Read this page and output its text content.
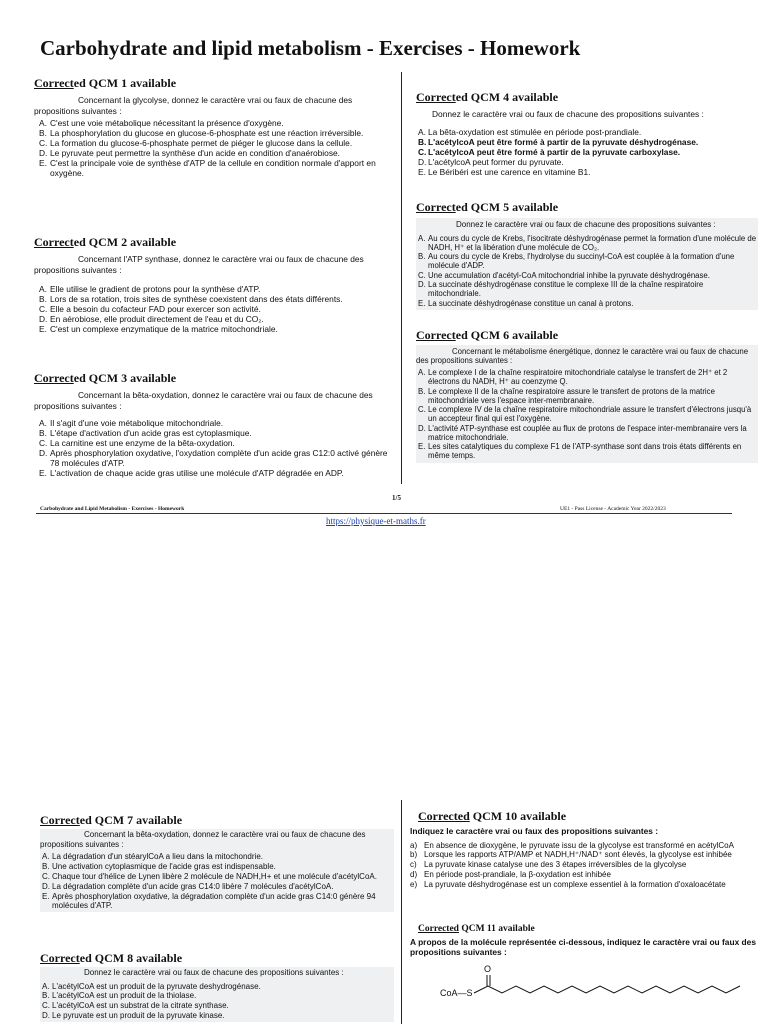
Carbohydrate and lipid metabolism - Exercises - Homework
Corrected QCM 1 available
Concernant la glycolyse, donnez le caractère vrai ou faux de chacune des propositions suivantes :
A. C'est une voie métabolique nécessitant la présence d'oxygène.
B. La phosphorylation du glucose en glucose-6-phosphate est une réaction irréversible.
C. La formation du glucose-6-phosphate permet de piéger le glucose dans la cellule.
D. Le pyruvate peut permettre la synthèse d'un acide en condition d'anaérobiose.
E. C'est la principale voie de synthèse d'ATP de la cellule en condition normale d'apport en oxygène.
Corrected QCM 2 available
Concernant l'ATP synthase, donnez le caractère vrai ou faux de chacune des propositions suivantes :
A. Elle utilise le gradient de protons pour la synthèse d'ATP.
B. Lors de sa rotation, trois sites de synthèse coexistent dans des états différents.
C. Elle a besoin du cofacteur FAD pour exercer son activité.
D. En aérobiose, elle produit directement de l'eau et du CO₂.
E. C'est un complexe enzymatique de la matrice mitochondriale.
Corrected QCM 3 available
Concernant la bêta-oxydation, donnez le caractère vrai ou faux de chacune des propositions suivantes :
A. Il s'agit d'une voie métabolique mitochondriale.
B. L'étape d'activation d'un acide gras est cytoplasmique.
C. La carnitine est une enzyme de la bêta-oxydation.
D. Après phosphorylation oxydative, l'oxydation complète d'un acide gras C12:0 activé génère 78 molécules d'ATP.
E. L'activation de chaque acide gras utilise une molécule d'ATP dégradée en ADP.
Corrected QCM 4 available
Donnez le caractère vrai ou faux de chacune des propositions suivantes :
A. La bêta-oxydation est stimulée en période post-prandiale.
B. L'acétylcoA peut être formé à partir de la pyruvate déshydrogénase.
C. L'acétylcoA peut être formé à partir de la pyruvate carboxylase.
D. L'acétylcoA peut former du pyruvate.
E. Le Béribéri est une carence en vitamine B1.
Corrected QCM 5 available
Donnez le caractère vrai ou faux de chacune des propositions suivantes :
A. Au cours du cycle de Krebs, l'isocitrate déshydrogénase permet la formation d'une molécule de NADH, H⁺ et la libération d'une molécule de CO₂.
B. Au cours du cycle de Krebs, l'hydrolyse du succinyl-CoA est couplée à la formation d'une molécule d'ADP.
C. Une accumulation d'acétyl-CoA mitochondrial inhibe la pyruvate déshydrogénase.
D. La succinate déshydrogénase constitue le complexe III de la chaîne respiratoire mitochondriale.
E. La succinate déshydrogénase constitue un canal à protons.
Corrected QCM 6 available
Concernant le métabolisme énergétique, donnez le caractère vrai ou faux de chacune des propositions suivantes :
A. Le complexe I de la chaîne respiratoire mitochondriale catalyse le transfert de 2H⁺ et 2 électrons du NADH, H⁺ au coenzyme Q.
B. Le complexe II de la chaîne respiratoire assure le transfert de protons de la matrice mitochondriale vers l'espace inter-membranaire.
C. Le complexe IV de la chaîne respiratoire mitochondriale assure le transfert d'électrons jusqu'à un accepteur final qui est l'oxygène.
D. L'activité ATP-synthase est couplée au flux de protons de l'espace inter-membranaire vers la matrice mitochondriale.
E. Les sites catalytiques du complexe F1 de l'ATP-synthase sont dans trois états différents en même temps.
1/5
Carbohydrate and Lipid Metabolism - Exercises - Homework	UE1 - Pass License - Academic Year 2022/2023
https://physique-et-maths.fr
Corrected QCM 7 available
Concernant la bêta-oxydation, donnez le caractère vrai ou faux de chacune des propositions suivantes :
A. La dégradation d'un stéarylCoA a lieu dans la mitochondrie.
B. Une activation cytoplasmique de l'acide gras est indispensable.
C. Chaque tour d'hélice de Lynen libère 2 molécule de NADH,H+ et une molécule d'acétylCoA.
D. La dégradation complète d'un acide gras C14:0 libère 7 molécules d'acétylCoA.
E. Après phosphorylation oxydative, la dégradation complète d'un acide gras C14:0 génère 94 molécules d'ATP.
Corrected QCM 8 available
Donnez le caractère vrai ou faux de chacune des propositions suivantes :
A. L'acétylCoA est un produit de la pyruvate deshydrogénase.
B. L'acétylCoA est un produit de la thiolase.
C. L'acétylCoA est un substrat de la citrate synthase.
D. Le pyruvate est un produit de la pyruvate kinase.
Corrected QCM 10 available
Indiquez le caractère vrai ou faux des propositions suivantes :
a) En absence de dioxygène, le pyruvate issu de la glycolyse est transformé en acétylCoA
b) Lorsque les rapports ATP/AMP et NADH,H⁺/NAD⁺ sont élevés, la glycolyse est inhibée
c) La pyruvate kinase catalyse une des 3 étapes irréversibles de la glycolyse
d) En période post-prandiale, la β-oxydation est inhibée
e) La pyruvate déshydrogénase est un complexe essentiel à la formation d'oxaloacétate
Corrected QCM 11 available
A propos de la molécule représentée ci-dessous, indiquez le caractère vrai ou faux des propositions suivantes :
O
CoA—S
